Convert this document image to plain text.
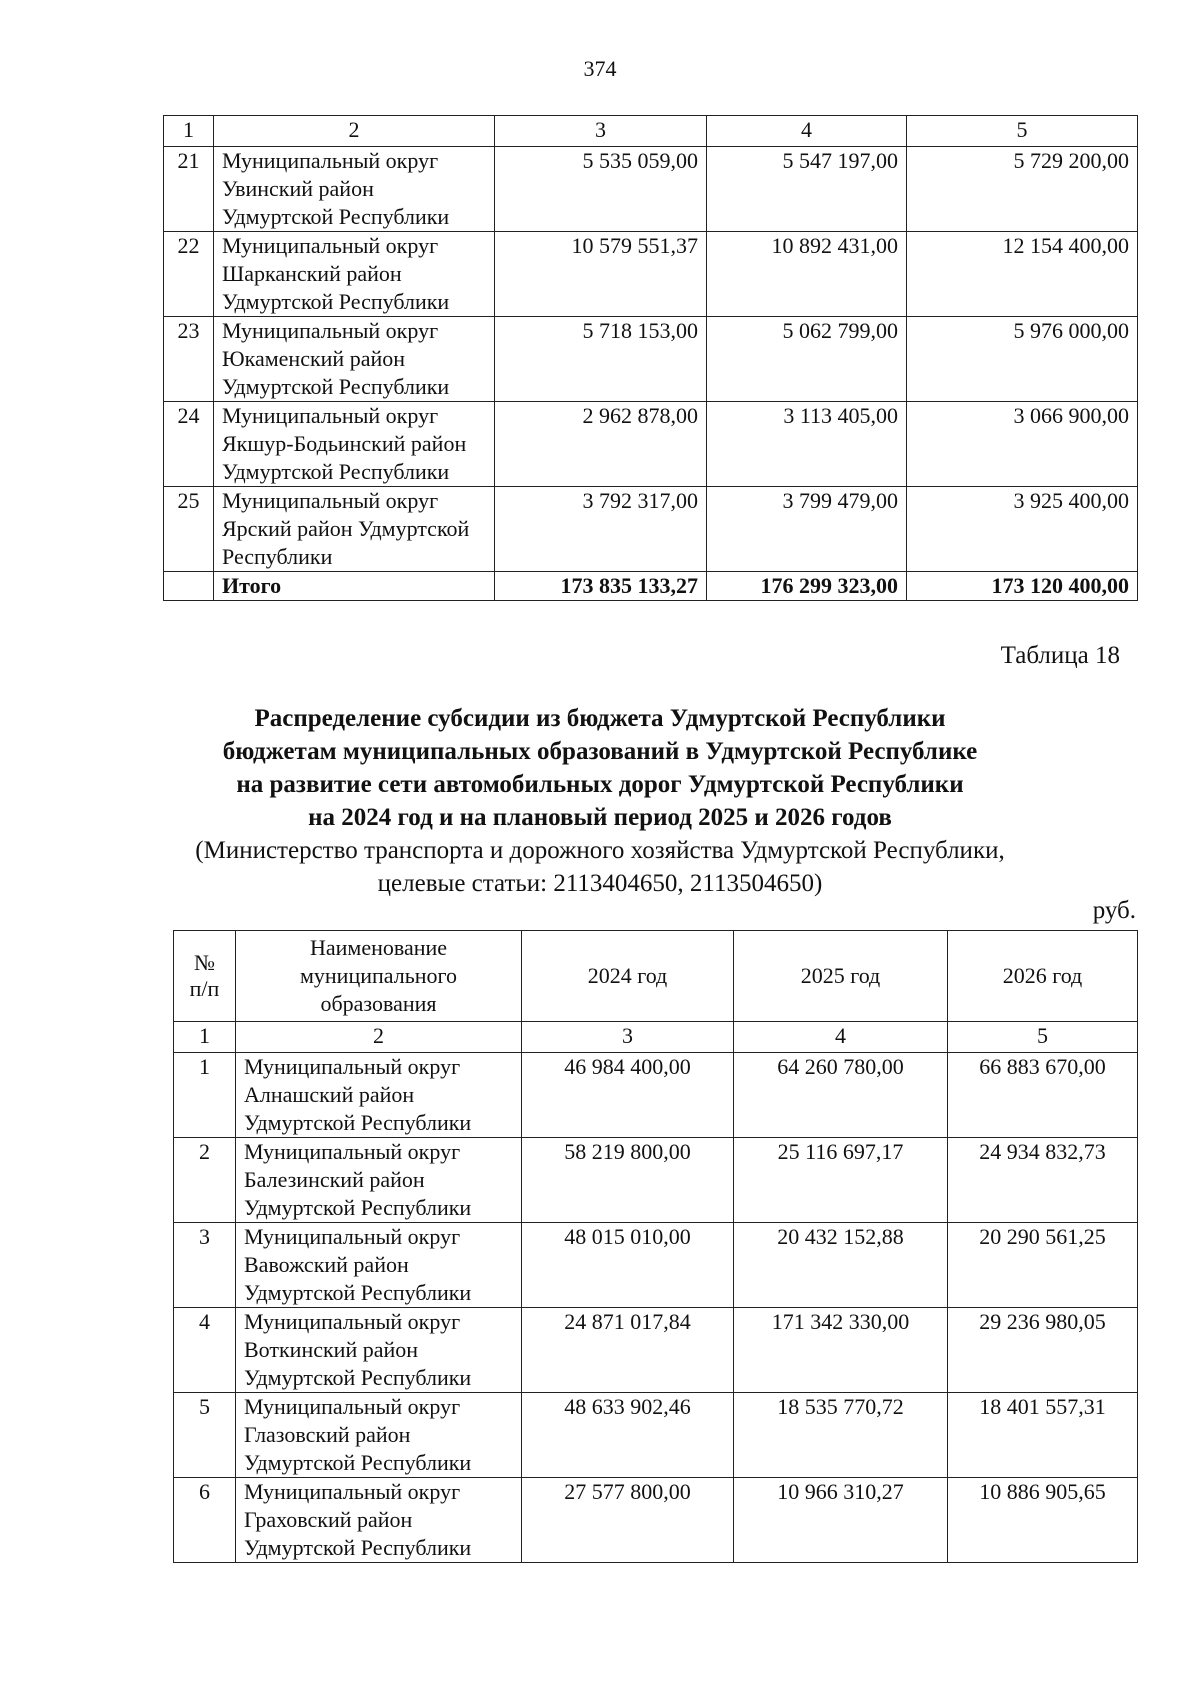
374
1	2	3	4	5
21	Муниципальный округ Увинский район Удмуртской Республики	5 535 059,00	5 547 197,00	5 729 200,00
22	Муниципальный округ Шарканский район Удмуртской Республики	10 579 551,37	10 892 431,00	12 154 400,00
23	Муниципальный округ Юкаменский район Удмуртской Республики	5 718 153,00	5 062 799,00	5 976 000,00
24	Муниципальный округ Якшур-Бодьинский район Удмуртской Республики	2 962 878,00	3 113 405,00	3 066 900,00
25	Муниципальный округ Ярский район Удмуртской Республики	3 792 317,00	3 799 479,00	3 925 400,00
	Итого	173 835 133,27	176 299 323,00	173 120 400,00
Таблица 18
Распределение субсидии из бюджета Удмуртской Республики
бюджетам муниципальных образований в Удмуртской Республике
на развитие сети автомобильных дорог Удмуртской Республики
на 2024 год и на плановый период 2025 и 2026 годов
(Министерство транспорта и дорожного хозяйства Удмуртской Республики,
целевые статьи: 2113404650, 2113504650)
руб.
№
п/п	Наименование муниципального образования	2024 год	2025 год	2026 год
1	2	3	4	5
1	Муниципальный округ Алнашский район Удмуртской Республики	46 984 400,00	64 260 780,00	66 883 670,00
2	Муниципальный округ Балезинский район Удмуртской Республики	58 219 800,00	25 116 697,17	24 934 832,73
3	Муниципальный округ Вавожский район Удмуртской Республики	48 015 010,00	20 432 152,88	20 290 561,25
4	Муниципальный округ Воткинский район Удмуртской Республики	24 871 017,84	171 342 330,00	29 236 980,05
5	Муниципальный округ Глазовский район Удмуртской Республики	48 633 902,46	18 535 770,72	18 401 557,31
6	Муниципальный округ Граховский район Удмуртской Республики	27 577 800,00	10 966 310,27	10 886 905,65
